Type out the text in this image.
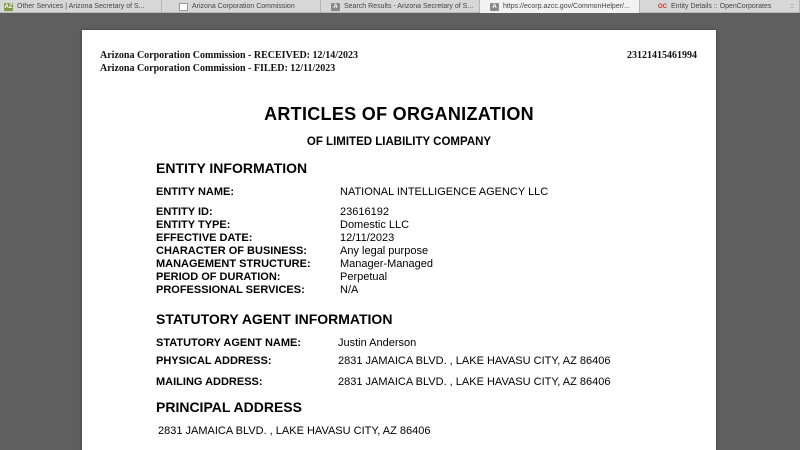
AZ Other Services | Arizona Secretary of S...	Arizona Corporation Commission	A Search Results - Arizona Secretary of S...	A https://ecorp.azcc.gov/CommonHelper/...	OC Entity Details :: OpenCorporates	::
Arizona Corporation Commission - RECEIVED: 12/14/2023
Arizona Corporation Commission - FILED: 12/11/2023
23121415461994
ARTICLES OF ORGANIZATION
OF LIMITED LIABILITY COMPANY
ENTITY INFORMATION
ENTITY NAME:	NATIONAL INTELLIGENCE AGENCY LLC
ENTITY ID:	23616192
ENTITY TYPE:	Domestic LLC
EFFECTIVE DATE:	12/11/2023
CHARACTER OF BUSINESS:	Any legal purpose
MANAGEMENT STRUCTURE:	Manager-Managed
PERIOD OF DURATION:	Perpetual
PROFESSIONAL SERVICES:	N/A
STATUTORY AGENT INFORMATION
STATUTORY AGENT NAME:	Justin Anderson
PHYSICAL ADDRESS:	2831 JAMAICA BLVD. , LAKE HAVASU CITY, AZ 86406
MAILING ADDRESS:	2831 JAMAICA BLVD. , LAKE HAVASU CITY, AZ 86406
PRINCIPAL ADDRESS
2831 JAMAICA BLVD. , LAKE HAVASU CITY, AZ 86406
